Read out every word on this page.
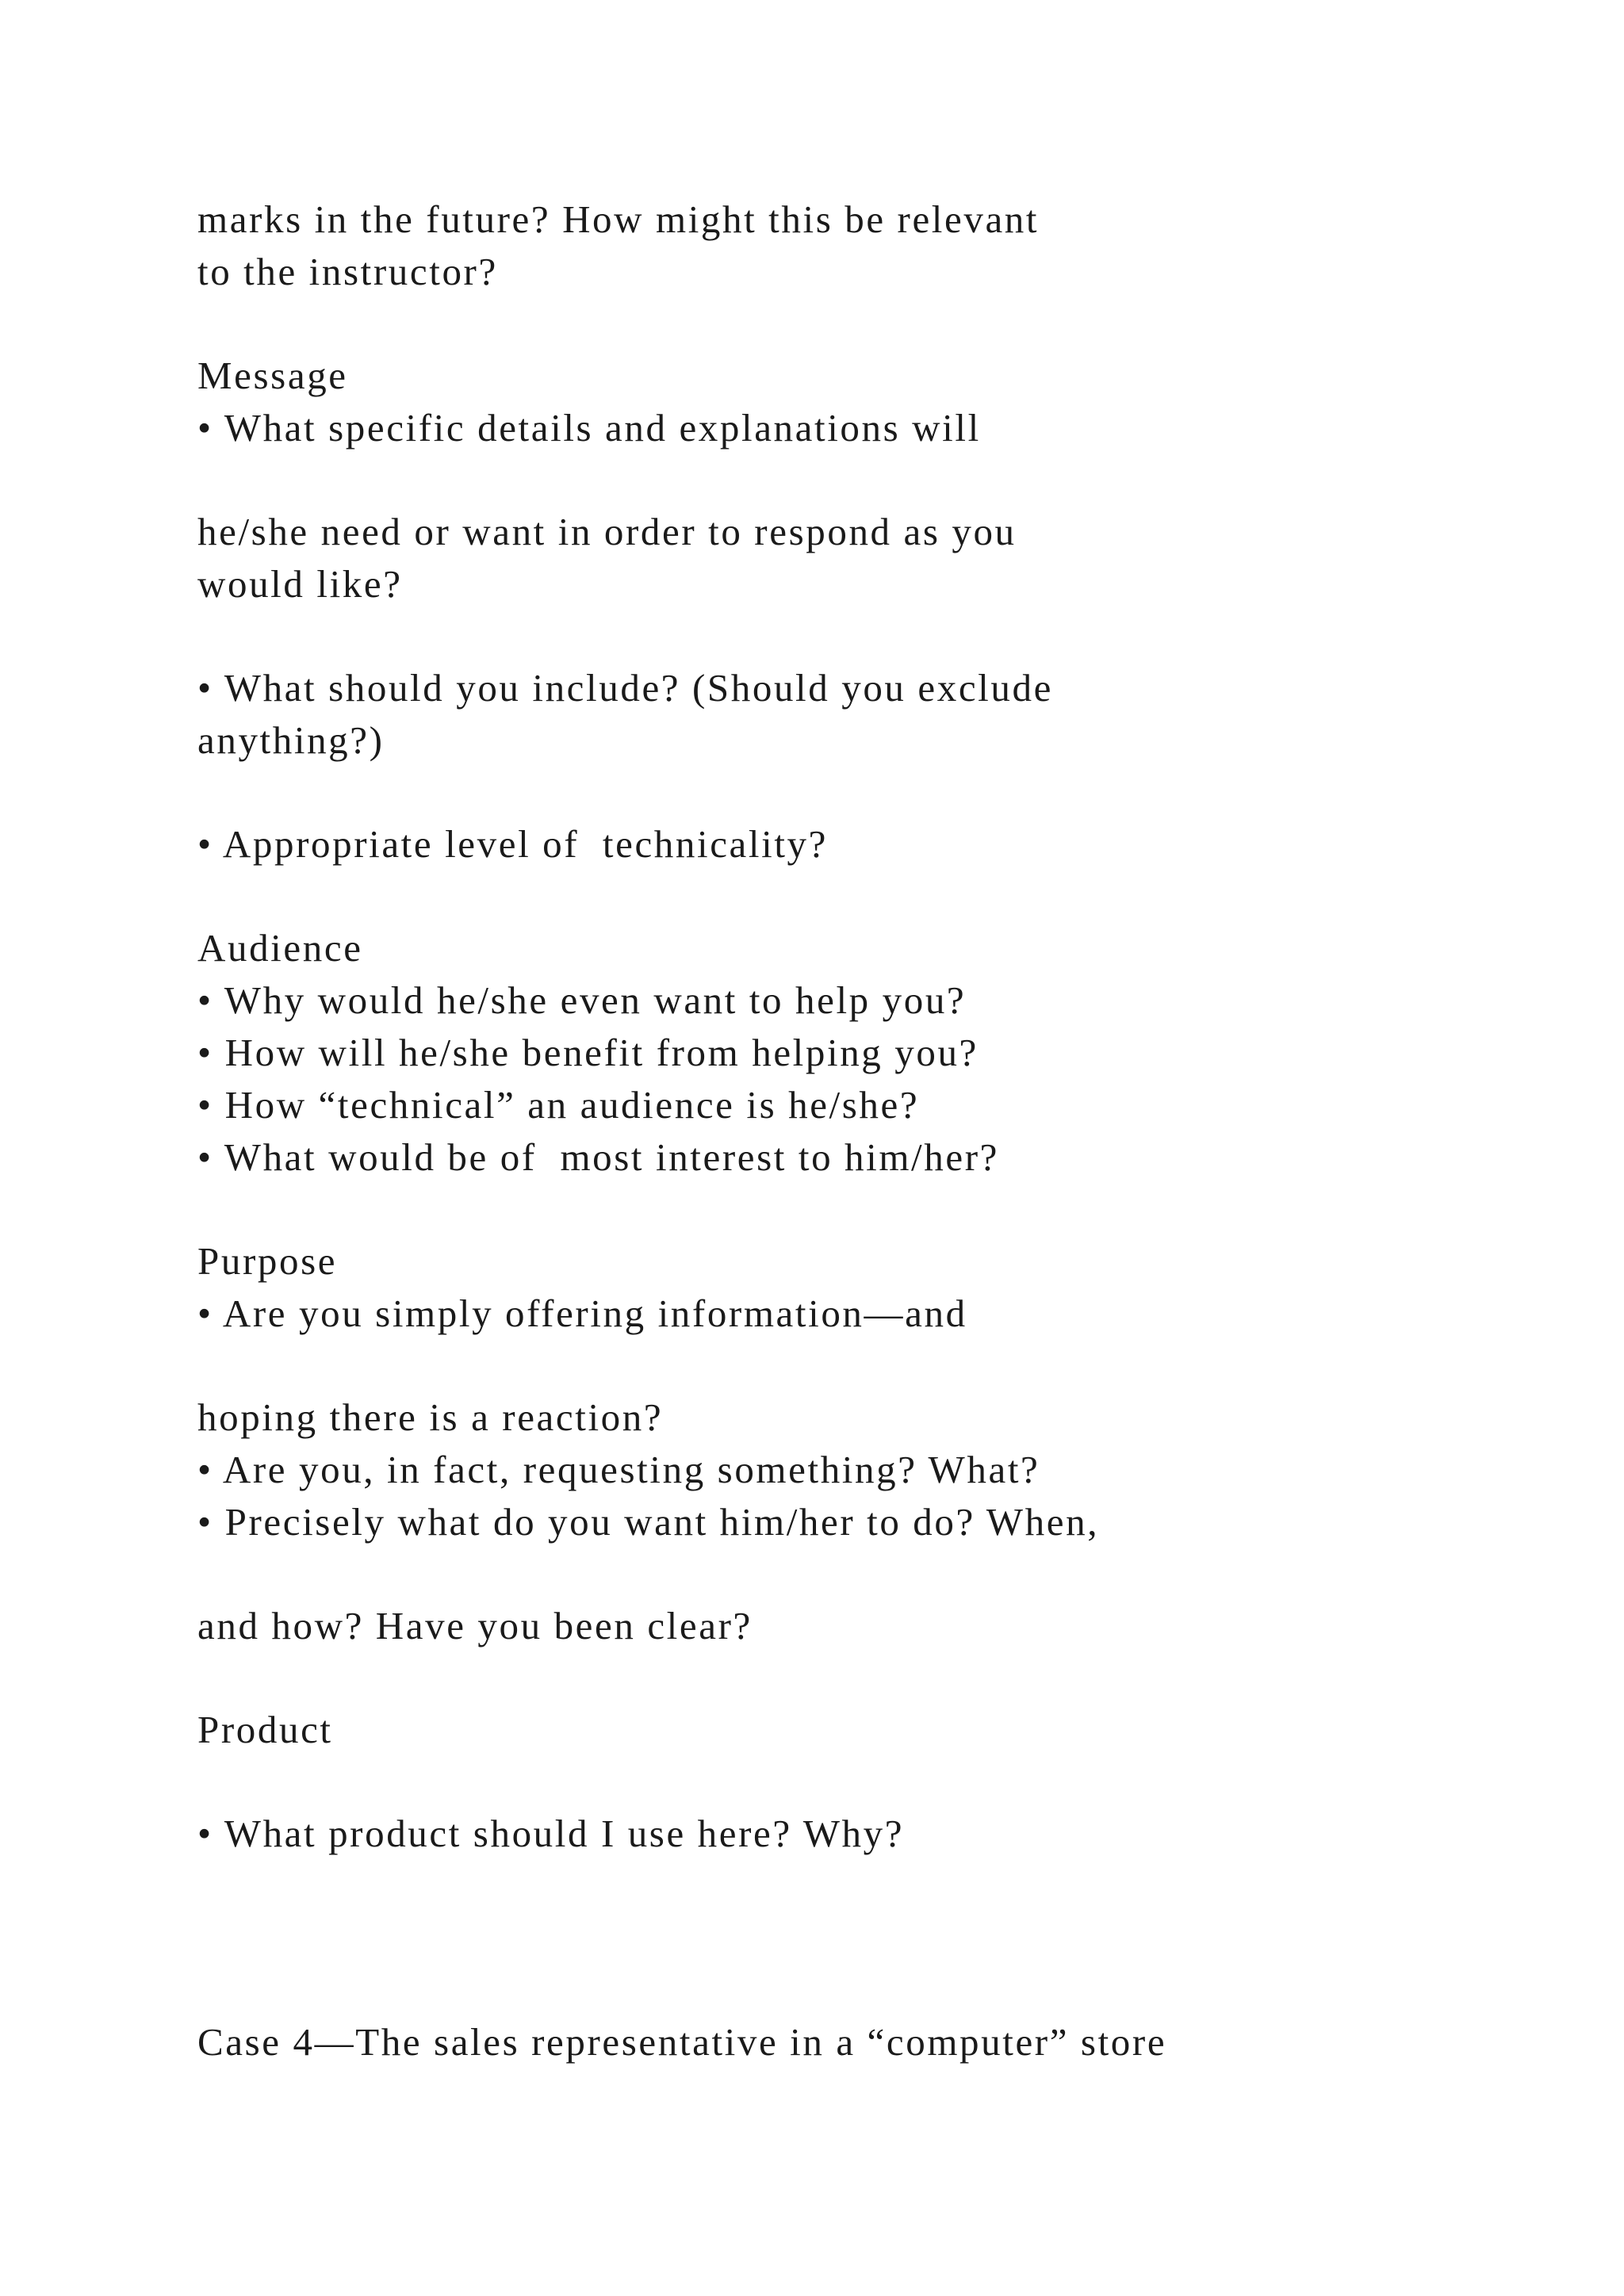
marks in the future? How might this be relevant

to the instructor?

Message

• What specific details and explanations will

he/she need or want in order to respond as you

would like?

• What should you include? (Should you exclude

anything?)

• Appropriate level of  technicality?

Audience

• Why would he/she even want to help you?

• How will he/she benefit from helping you?

• How “technical” an audience is he/she?

• What would be of  most interest to him/her?

Purpose

• Are you simply offering information—and

hoping there is a reaction?

• Are you, in fact, requesting something? What?

• Precisely what do you want him/her to do? When,

and how? Have you been clear?

Product

• What product should I use here? Why?

Case 4—The sales representative in a “computer” store
